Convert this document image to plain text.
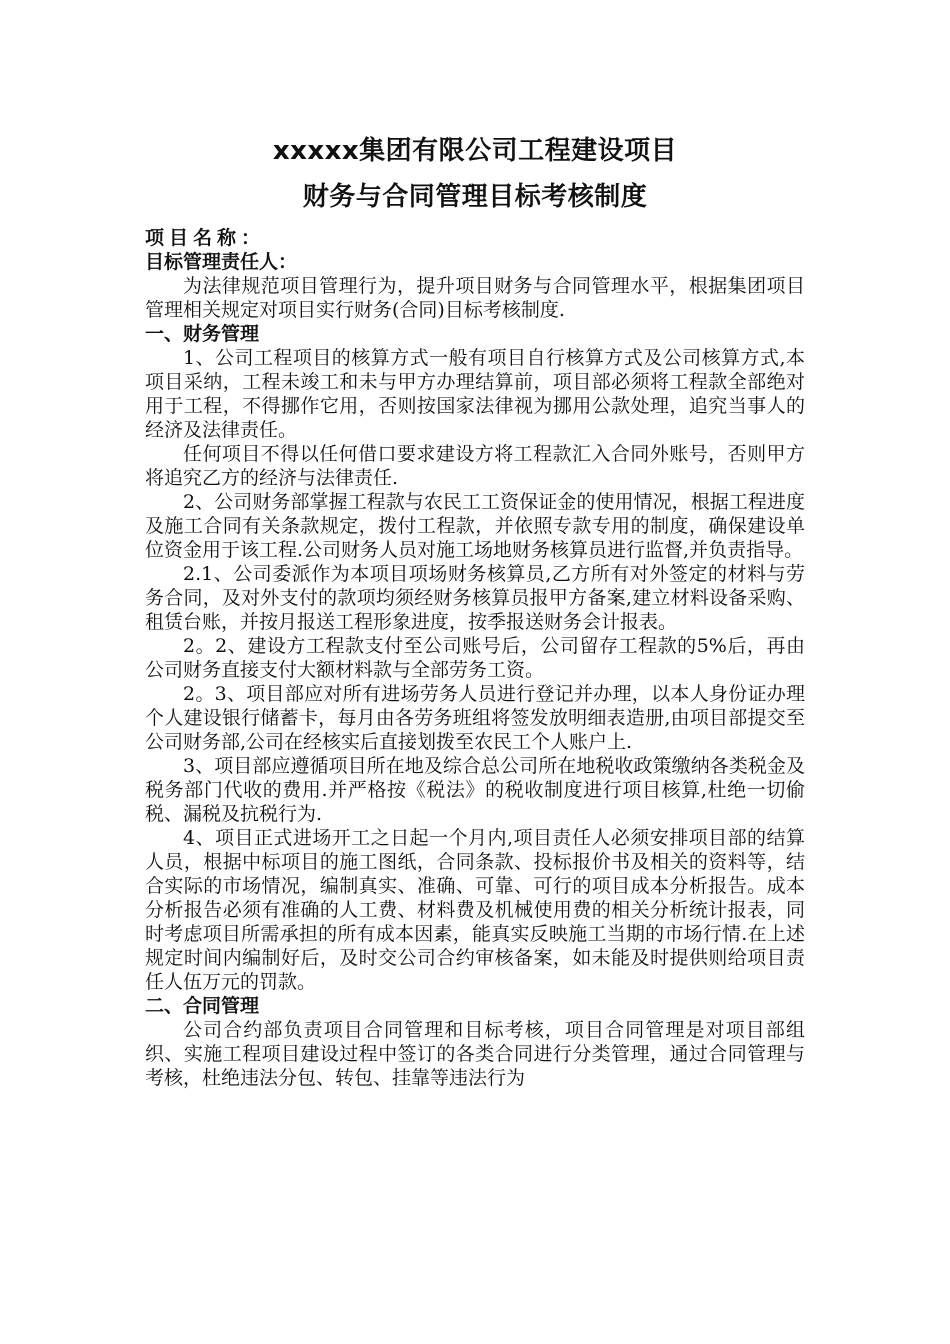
xxxxx集团有限公司工程建设项目
财务与合同管理目标考核制度

项目名称：

目标管理责任人：

为法律规范项目管理行为，提升项目财务与合同管理水平，根据集团项目管理相关规定对项目实行财务(合同)目标考核制度.

一、财务管理

1、公司工程项目的核算方式一般有项目自行核算方式及公司核算方式,本项目采纳，工程未竣工和未与甲方办理结算前，项目部必须将工程款全部绝对用于工程，不得挪作它用，否则按国家法律视为挪用公款处理，追究当事人的经济及法律责任。

任何项目不得以任何借口要求建设方将工程款汇入合同外账号，否则甲方将追究乙方的经济与法律责任.

2、公司财务部掌握工程款与农民工工资保证金的使用情况，根据工程进度及施工合同有关条款规定，拨付工程款，并依照专款专用的制度，确保建设单位资金用于该工程.公司财务人员对施工场地财务核算员进行监督,并负责指导。

2.1、公司委派作为本项目项场财务核算员,乙方所有对外签定的材料与劳务合同，及对外支付的款项均须经财务核算员报甲方备案,建立材料设备采购、租赁台账，并按月报送工程形象进度，按季报送财务会计报表。

2。2、建设方工程款支付至公司账号后，公司留存工程款的5%后，再由公司财务直接支付大额材料款与全部劳务工资。

2。3、项目部应对所有进场劳务人员进行登记并办理，以本人身份证办理个人建设银行储蓄卡，每月由各劳务班组将签发放明细表造册,由项目部提交至公司财务部,公司在经核实后直接划拨至农民工个人账户上.

3、项目部应遵循项目所在地及综合总公司所在地税收政策缴纳各类税金及税务部门代收的费用.并严格按《税法》的税收制度进行项目核算,杜绝一切偷税、漏税及抗税行为.

4、项目正式进场开工之日起一个月内,项目责任人必须安排项目部的结算人员，根据中标项目的施工图纸，合同条款、投标报价书及相关的资料等，结合实际的市场情况，编制真实、准确、可靠、可行的项目成本分析报告。成本分析报告必须有准确的人工费、材料费及机械使用费的相关分析统计报表，同时考虑项目所需承担的所有成本因素，能真实反映施工当期的市场行情.在上述规定时间内编制好后，及时交公司合约审核备案，如未能及时提供则给项目责任人伍万元的罚款。

二、合同管理

公司合约部负责项目合同管理和目标考核，项目合同管理是对项目部组织、实施工程项目建设过程中签订的各类合同进行分类管理，通过合同管理与考核，杜绝违法分包、转包、挂靠等违法行为
